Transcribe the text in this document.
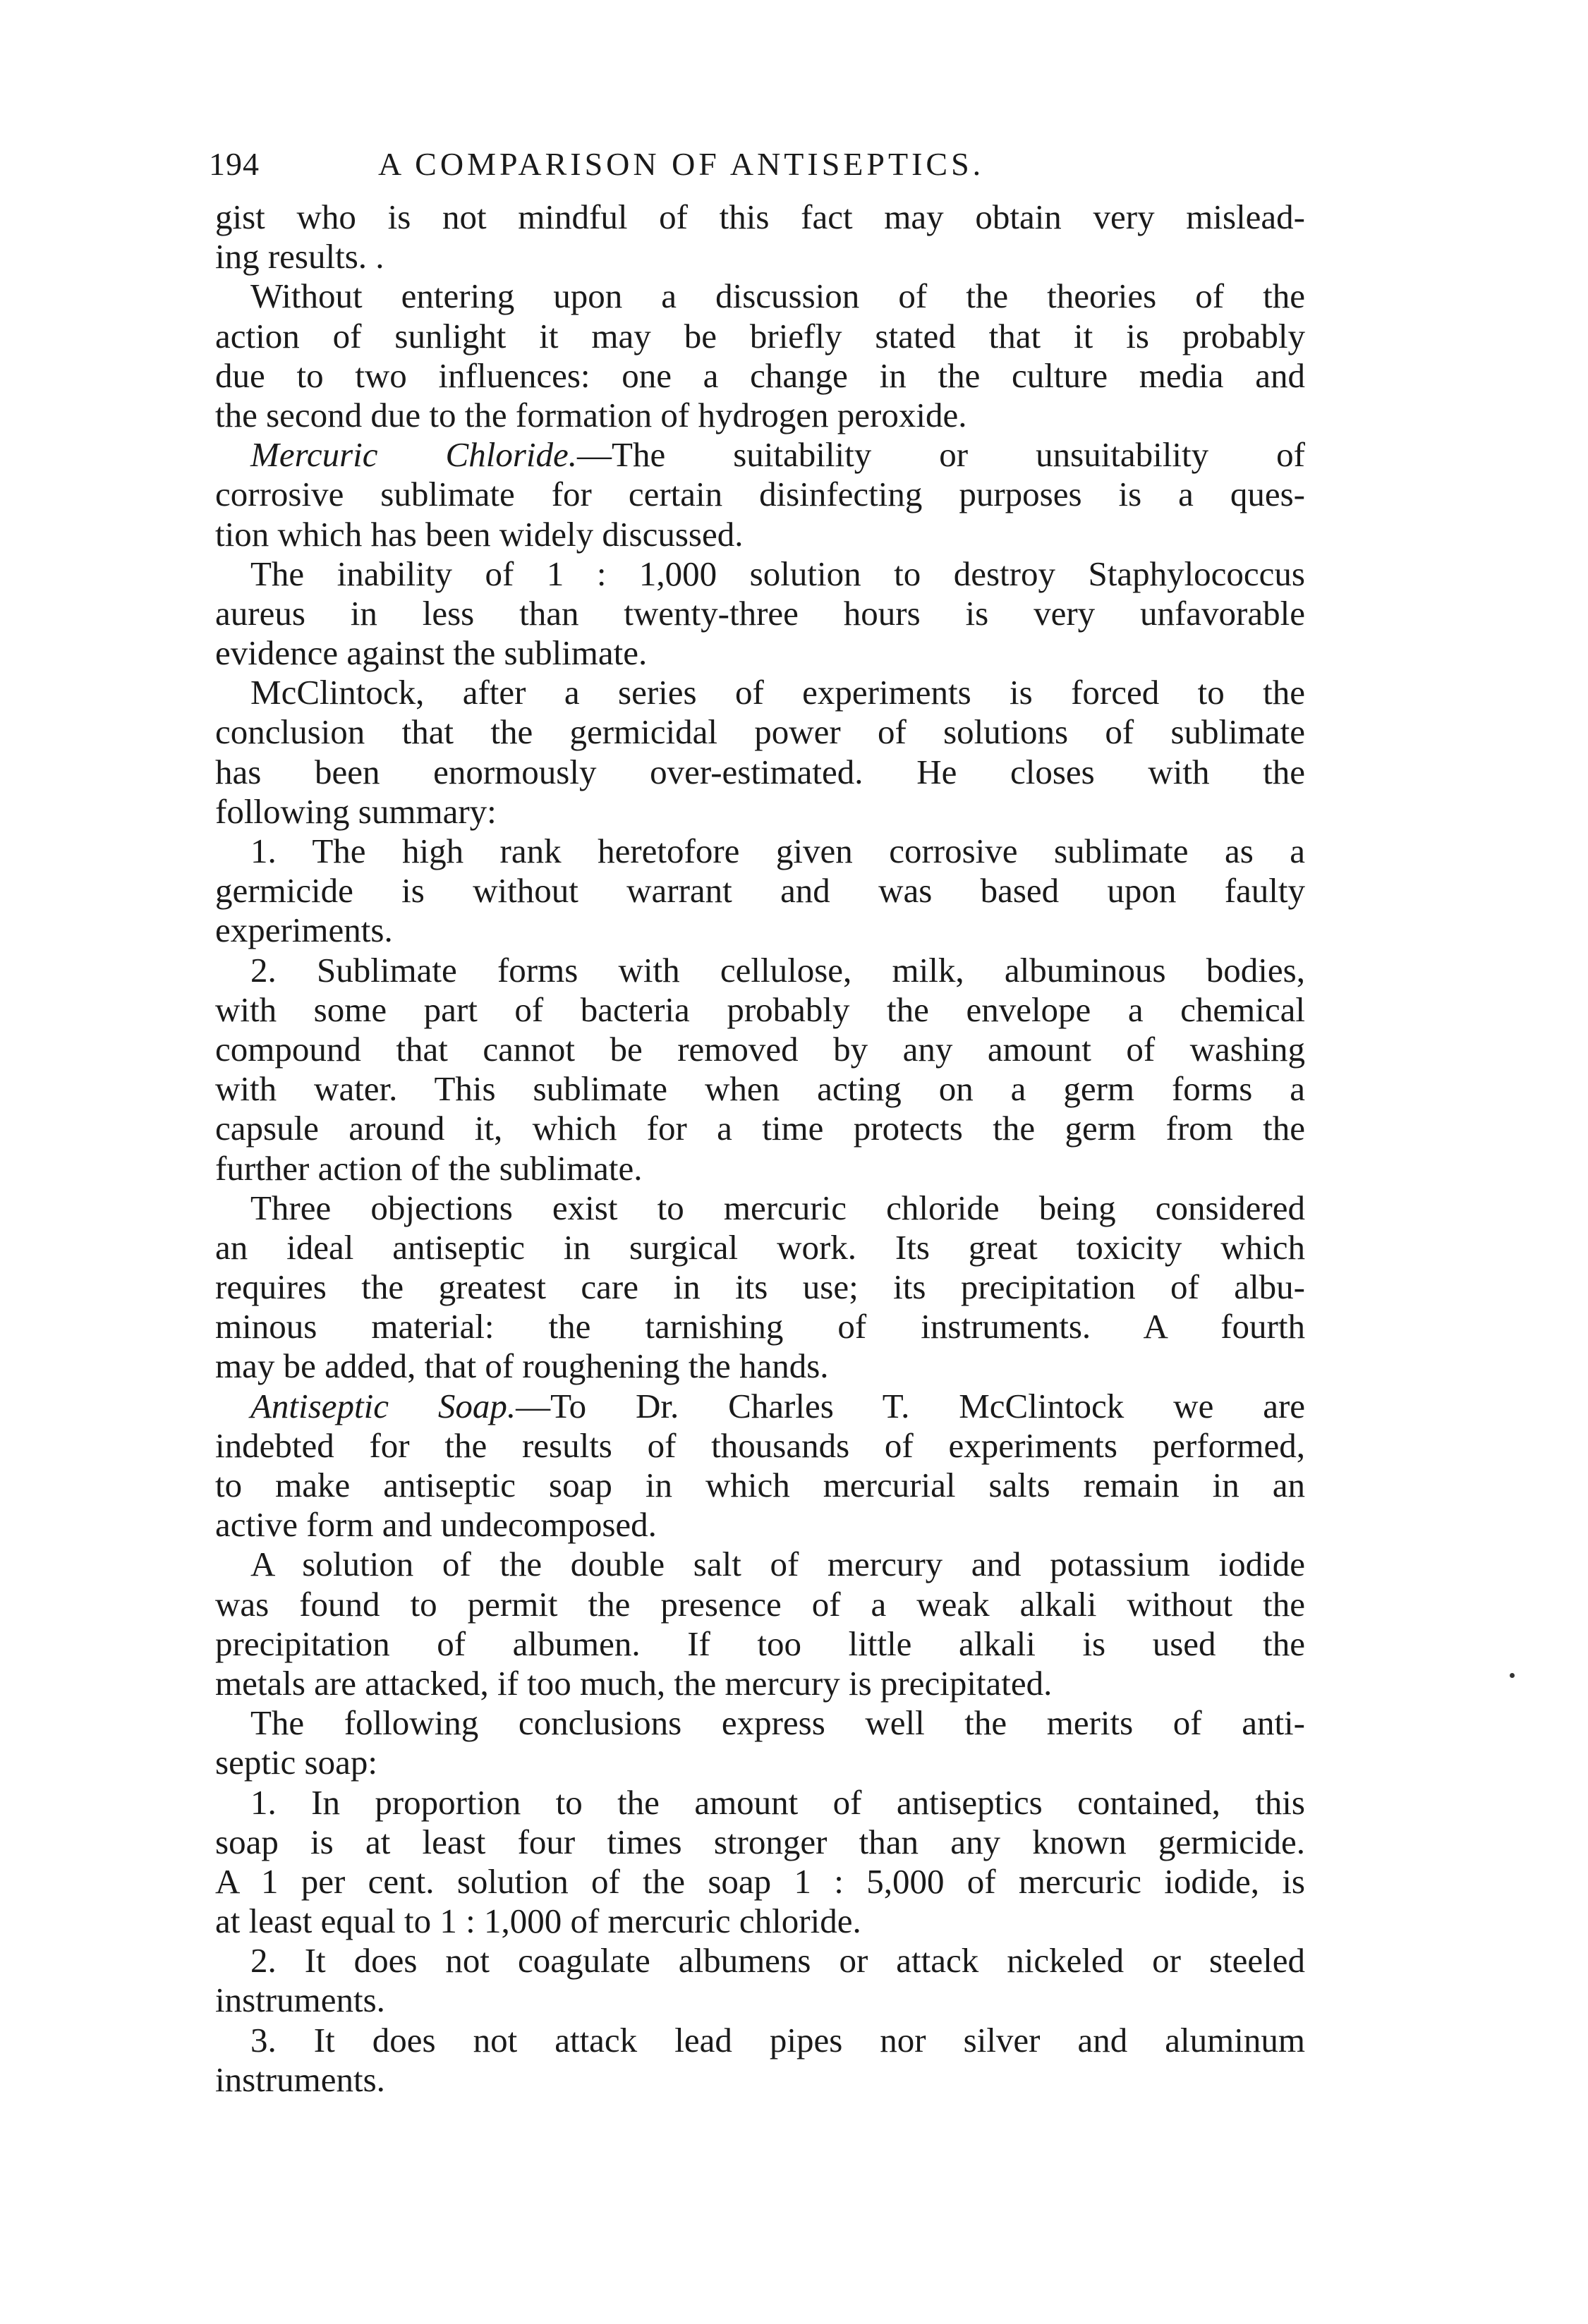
194	A COMPARISON OF ANTISEPTICS.
gist who is not mindful of this fact may obtain very mislead-
ing results. .
Without entering upon a discussion of the theories of the
action of sunlight it may be briefly stated that it is probably
due to two influences: one a change in the culture media and
the second due to the formation of hydrogen peroxide.
Mercuric Chloride.—The suitability or unsuitability of
corrosive sublimate for certain disinfecting purposes is a ques-
tion which has been widely discussed.
The inability of 1 : 1,000 solution to destroy Staphylococcus
aureus in less than twenty-three hours is very unfavorable
evidence against the sublimate.
McClintock, after a series of experiments is forced to the
conclusion that the germicidal power of solutions of sublimate
has been enormously over-estimated. He closes with the
following summary:
1. The high rank heretofore given corrosive sublimate as a
germicide is without warrant and was based upon faulty
experiments.
2. Sublimate forms with cellulose, milk, albuminous bodies,
with some part of bacteria probably the envelope a chemical
compound that cannot be removed by any amount of washing
with water. This sublimate when acting on a germ forms a
capsule around it, which for a time protects the germ from the
further action of the sublimate.
Three objections exist to mercuric chloride being considered
an ideal antiseptic in surgical work. Its great toxicity which
requires the greatest care in its use; its precipitation of albu-
minous material: the tarnishing of instruments. A fourth
may be added, that of roughening the hands.
Antiseptic Soap.—To Dr. Charles T. McClintock we are
indebted for the results of thousands of experiments performed,
to make antiseptic soap in which mercurial salts remain in an
active form and undecomposed.
A solution of the double salt of mercury and potassium iodide
was found to permit the presence of a weak alkali without the
precipitation of albumen. If too little alkali is used the
metals are attacked, if too much, the mercury is precipitated.
The following conclusions express well the merits of anti-
septic soap:
1. In proportion to the amount of antiseptics contained, this
soap is at least four times stronger than any known germicide.
A 1 per cent. solution of the soap 1 : 5,000 of mercuric iodide, is
at least equal to 1 : 1,000 of mercuric chloride.
2. It does not coagulate albumens or attack nickeled or steeled
instruments.
3. It does not attack lead pipes nor silver and aluminum
instruments.
